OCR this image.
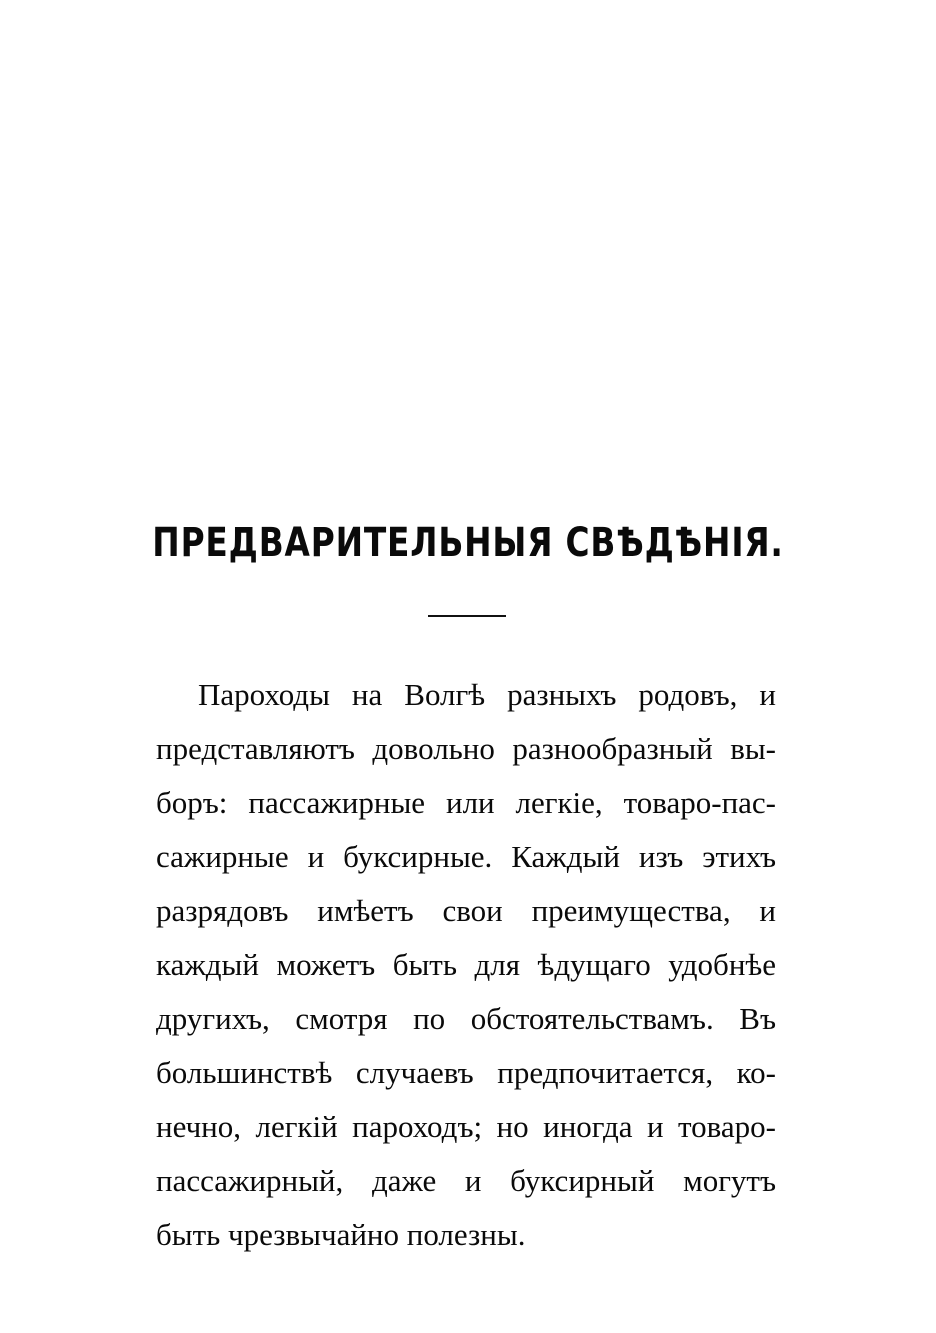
ПРЕДВАРИТЕЛЬНЫЯ СВѢДѢНІЯ.
Пароходы на Волгѣ разныхъ родовъ, и
представляютъ довольно разнообразный вы-
боръ: пассажирные или легкіе, товаро-пас-
сажирные и буксирные. Каждый изъ этихъ
разрядовъ имѣетъ свои преимущества, и
каждый можетъ быть для ѣдущаго удобнѣе
другихъ, смотря по обстоятельствамъ. Въ
большинствѣ случаевъ предпочитается, ко-
нечно, легкій пароходъ; но иногда и товаро-
пассажирный, даже и буксирный могутъ
быть чрезвычайно полезны.
